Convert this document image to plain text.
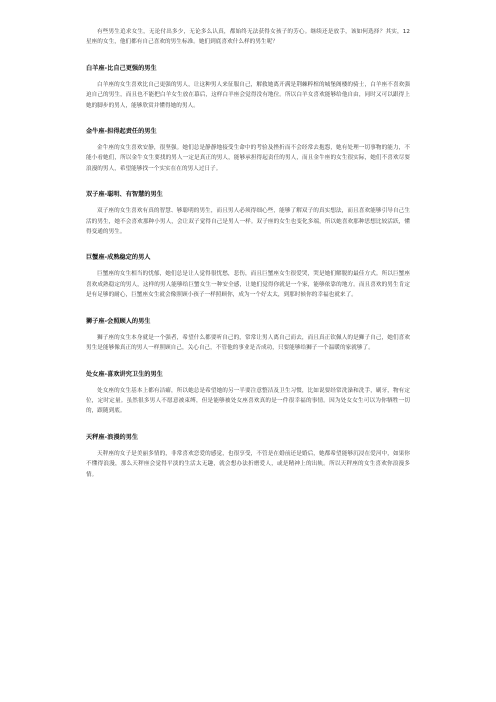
有些男生追求女生，无论付出多少，无论多么认真，都始终无法获得女孩子的芳心。继续还是放手，该如何选择？其实，12 星座的女生，他们都有自己喜欢的男生标准。她们到底喜欢什么样的男生呢？

白羊座-比自己更强的男生

白羊座的女生喜欢比自己更强的男人，让这种男人来征服自己，解救她离开满是荆棘粹棺的城堡阁楼的骑士，白羊座不喜欢强迫自己的男生，而且也不能把白羊女生放在幕后，这样白羊座会觉得没有地位。所以白羊女喜欢能够给他自由，同时又可以跟得上她的脚步的男人，能够欣赏并懂得她的男人。

金牛座-担得起责任的男生

金牛座的女生喜欢安静，很坚强。她们总是静静地接受生命中的考验及挫折而不会经常去抱怨，她有处理一切事物的能力，不能小看她们，所以金牛女生要找的男人一定是真正的男人，能够承担得起责任的男人，而且金牛座的女生很实际，她们不喜欢尽耍浪漫的男人，希望能够找一个实实在在的男人过日子。

双子座-聪明、有智慧的男生

双子座的女生喜欢有真的智慧、够聪明的男生，而且男人必须得细心些，能够了解双子的真实想法，而且喜欢能够引导自己生活的男生，她不会喜欢那种小男人，会让双子觉得自己是男人一样。双子座的女生也变化多端，所以她喜欢那种思想比较活跃，懂得变通的男生。

巨蟹座-成熟稳定的男人

巨蟹座的女生相当的忧郁，她们总是让人觉得很忧愁，悲伤，而且巨蟹座女生很爱哭，哭是她们解脱的最佳方式。所以巨蟹座喜欢成熟稳定的男人，这样的男人能够给巨蟹女生一种安全感，让她们觉得你就是一个家，能够依靠的地方。而且喜欢的男生肯定是有足够的耐心，巨蟹座女生就会像照顾小孩子一样照顾你，成为一个好太太，到那时候你的幸福也就来了。

狮子座-会照顾人的男生

狮子座的女生本身就是一个强者，希望什么都要听自己的，常常让男人离自己而去，而且真正钦佩人的是狮子自己，她们喜欢男生是能够像真正的男人一样照顾自己，关心自己，不管他的事业是否成功，只要能够给狮子一个温暖的家就够了。

处女座-喜欢讲究卫生的男生

处女座的女生基本上都有洁癖，所以她总是希望她的另一半要注意整洁及卫生习惯，比如说要经常洗澡和洗手，刷牙，物有定位，定时定量。虽然很多男人不愿意被束缚，但是能够被处女座喜欢真的是一件很幸福的事情。因为处女女生可以为你牺牲一切的，跟随到底。

天秤座-浪漫的男生

天秤座的女子是美丽多情的，非常喜欢恋爱的感觉，也很享受，不管是在婚前还是婚后，她都希望能够沉浸在爱河中，如果你不懂得浪漫，那么天秤座会觉得平淡的生活太无趣，就会想办法折磨爱人，或是精神上的出轨。所以天秤座的女生喜欢你浪漫多情。
